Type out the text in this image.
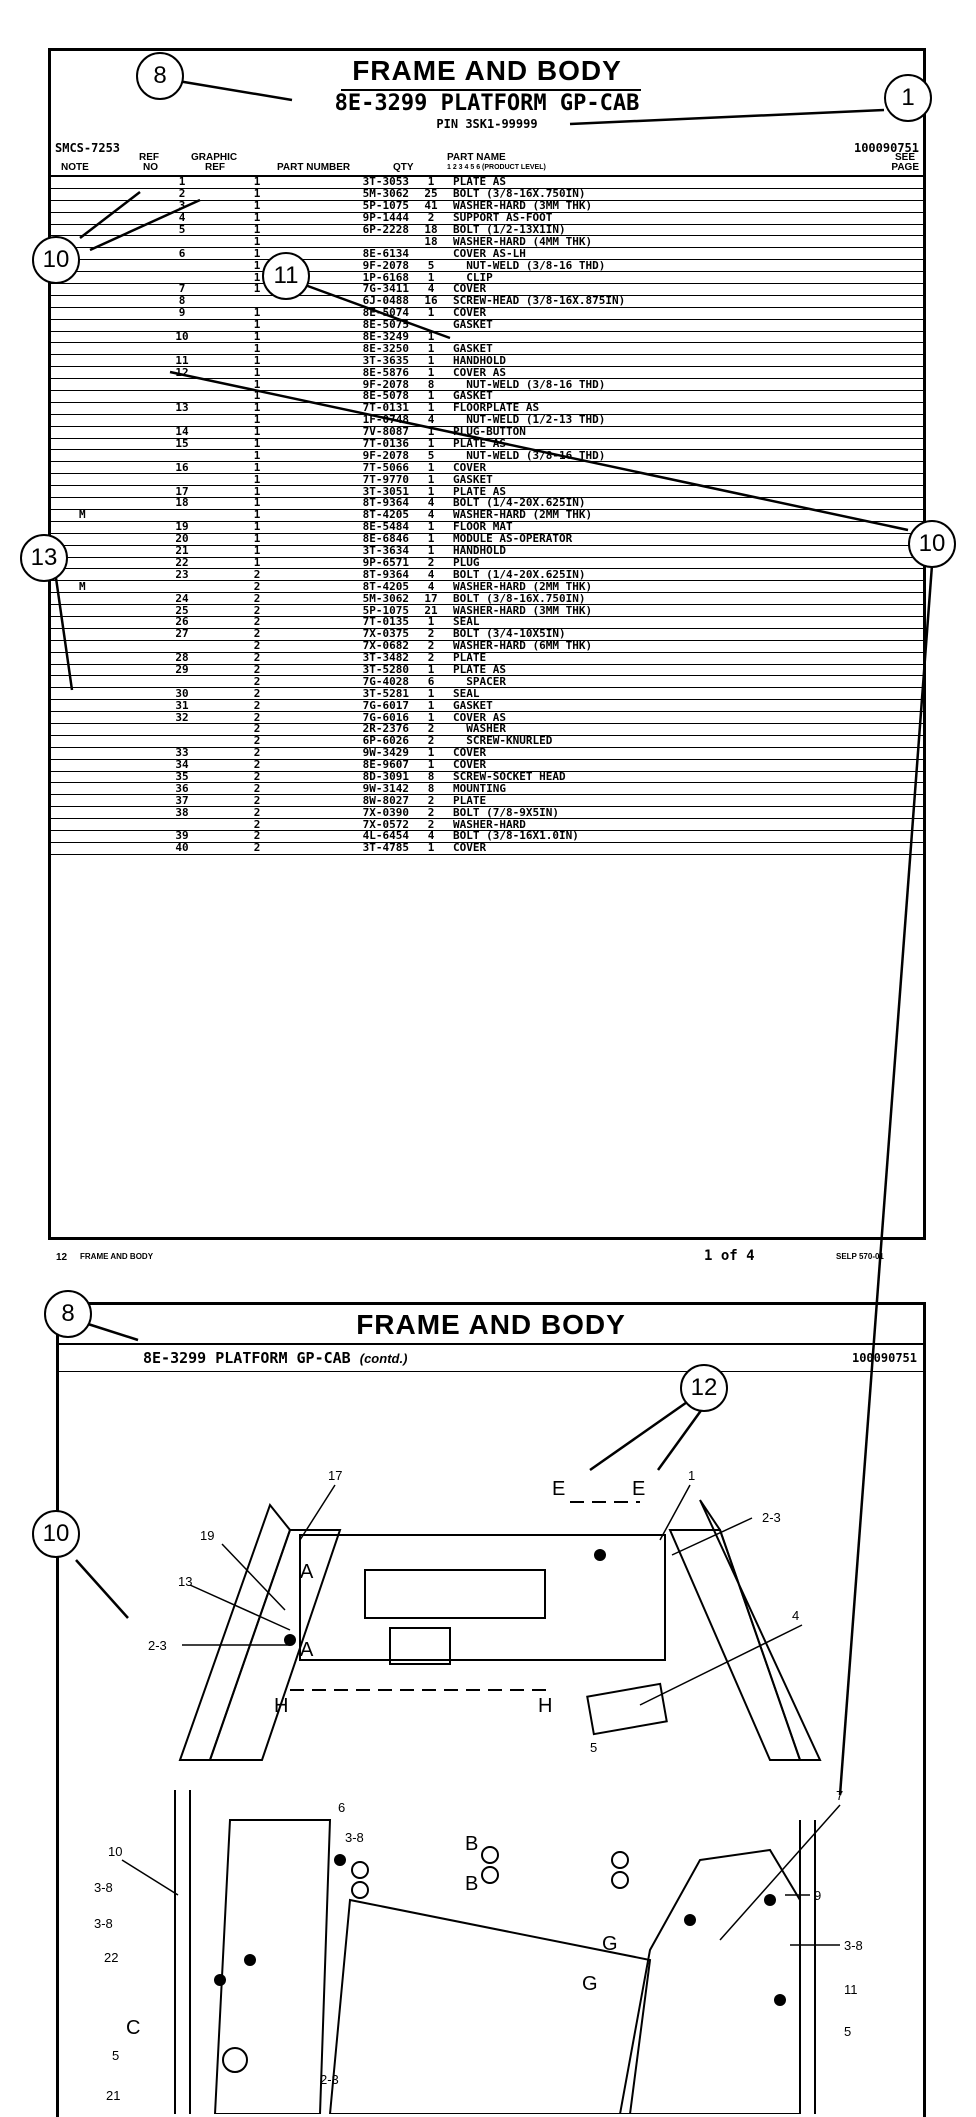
FRAME AND BODY
8E-3299 PLATFORM GP-CAB
PIN 3SK1-99999
SMCS-7253	100090751
NOTE
REF
NO
GRAPHIC
REF	PART NUMBER	QTY
PART NAME
1 2 3 4 5 6 (PRODUCT LEVEL)
SEE
PAGE
	1	1	3T-3053	1	PLATE AS
	2	1	5M-3062	25	BOLT (3/8-16X.750IN)
	3	1	5P-1075	41	WASHER-HARD (3MM THK)
	4	1	9P-1444	2	SUPPORT AS-FOOT
	5	1	6P-2228	18	BOLT (1/2-13X1IN)
		1		18	WASHER-HARD (4MM THK)
	6	1	8E-6134		COVER AS-LH
		1	9F-2078	5	NUT-WELD (3/8-16 THD)
		1	1P-6168	1	CLIP
	7	1	7G-3411	4	COVER
	8		6J-0488	16	SCREW-HEAD (3/8-16X.875IN)
	9	1	8E-5074	1	COVER
		1	8E-5075		GASKET
	10	1	8E-3249	1	
		1	8E-3250	1	GASKET
	11	1	3T-3635	1	HANDHOLD
	12	1	8E-5876	1	COVER AS
		1	9F-2078	8	NUT-WELD (3/8-16 THD)
		1	8E-5078	1	GASKET
	13	1	7T-0131	1	FLOORPLATE AS
		1	1F-0748	4	NUT-WELD (1/2-13 THD)
	14	1	7V-8087	1	PLUG-BUTTON
	15	1	7T-0136	1	PLATE AS
		1	9F-2078	5	NUT-WELD (3/8-16 THD)
	16	1	7T-5066	1	COVER
		1	7T-9770	1	GASKET
	17	1	3T-3051	1	PLATE AS
	18	1	8T-9364	4	BOLT (1/4-20X.625IN)
M		1	8T-4205	4	WASHER-HARD (2MM THK)
	19	1	8E-5484	1	FLOOR MAT
	20	1	8E-6846	1	MODULE AS-OPERATOR
	21	1	3T-3634	1	HANDHOLD
	22	1	9P-6571	2	PLUG
	23	2	8T-9364	4	BOLT (1/4-20X.625IN)
M		2	8T-4205	4	WASHER-HARD (2MM THK)
	24	2	5M-3062	17	BOLT (3/8-16X.750IN)
	25	2	5P-1075	21	WASHER-HARD (3MM THK)
	26	2	7T-0135	1	SEAL
	27	2	7X-0375	2	BOLT (3/4-10X5IN)
		2	7X-0682	2	WASHER-HARD (6MM THK)
	28	2	3T-3482	2	PLATE
	29	2	3T-5280	1	PLATE AS
		2	7G-4028	6	SPACER
	30	2	3T-5281	1	SEAL
	31	2	7G-6017	1	GASKET
	32	2	7G-6016	1	COVER AS
		2	2R-2376	2	WASHER
		2	6P-6026	2	SCREW-KNURLED
	33	2	9W-3429	1	COVER
	34	2	8E-9607	1	COVER
	35	2	8D-3091	8	SCREW-SOCKET HEAD
	36	2	9W-3142	8	MOUNTING
	37	2	8W-8027	2	PLATE
	38	2	7X-0390	2	BOLT (7/8-9X5IN)
		2	7X-0572	2	WASHER-HARD
	39	2	4L-6454	4	BOLT (3/8-16X1.0IN)
	40	2	3T-4785	1	COVER
12 FRAME AND BODY	1 of 4	SELP 570-01
FRAME AND BODY
8E-3299 PLATFORM GP-CAB (contd.)	100090751
17	1
2-3
19
13
2-3
A
A
H	H
E	E
4
5
7
6
3-8
10
3-8
3-8
22
C
5
21
B
B
G
G
9
3-8
11
5
2-3
8
1
10
11
10
13
8
12
10
